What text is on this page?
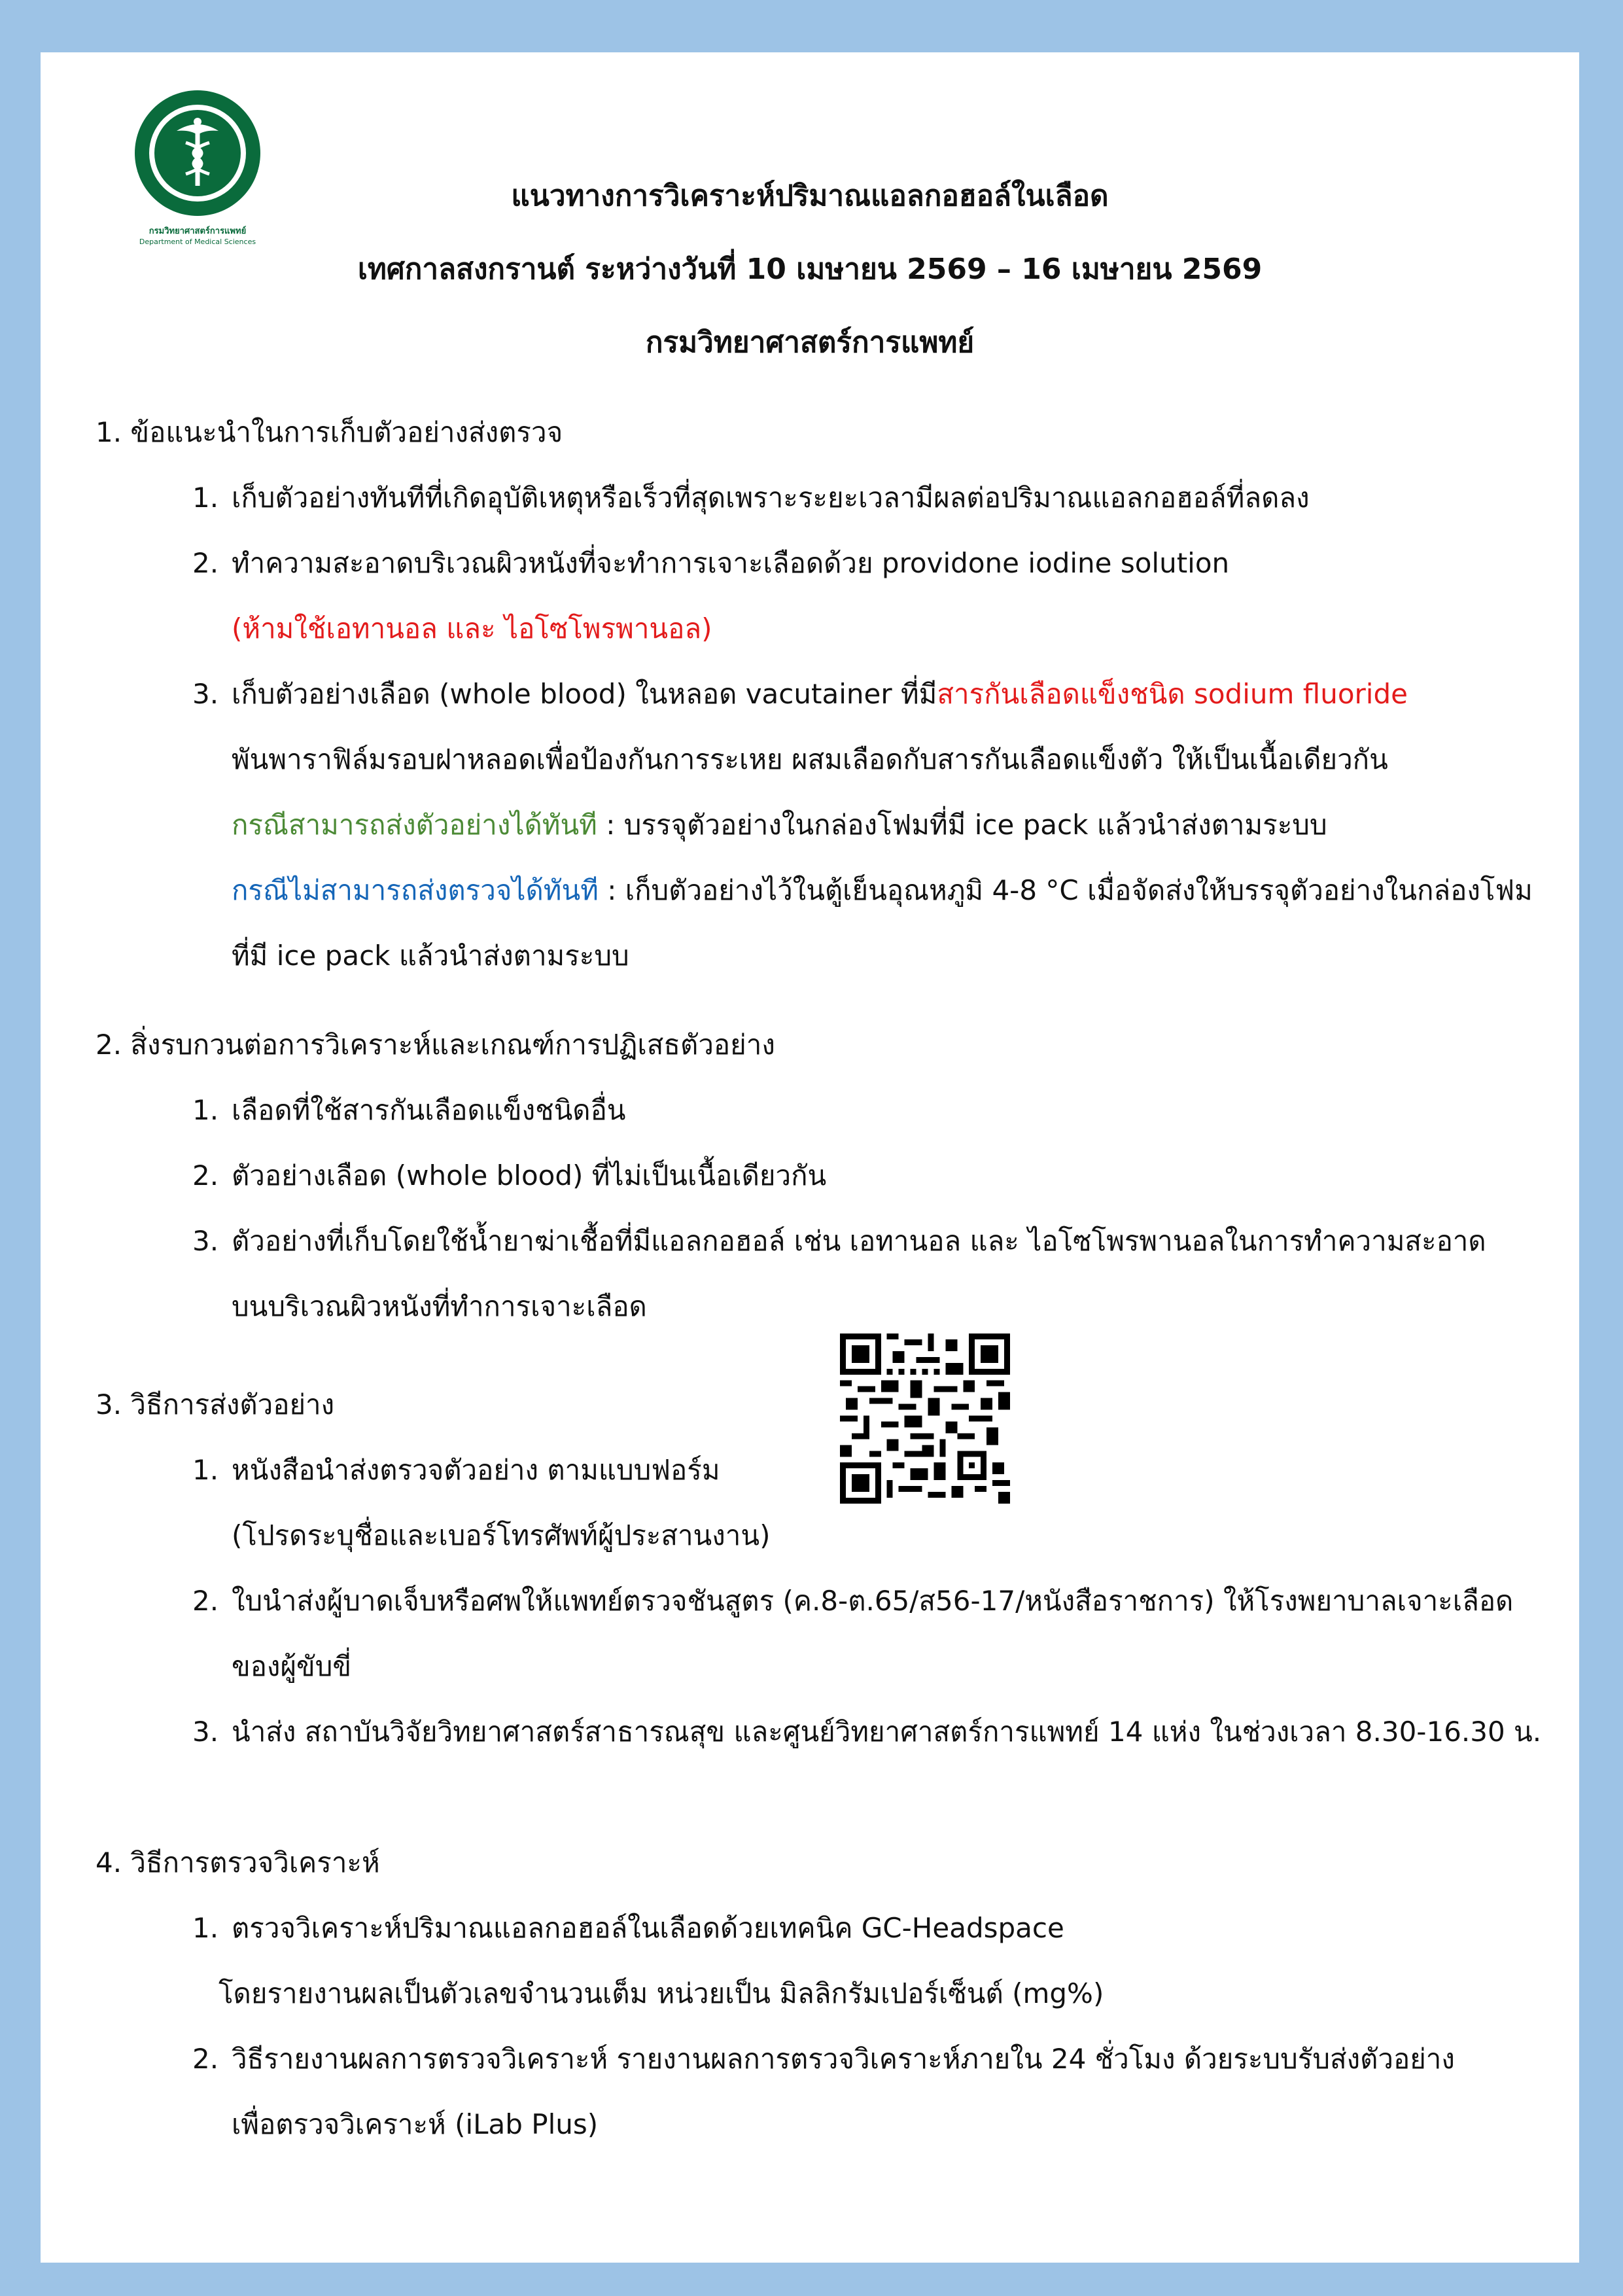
กรมวิทยาศาสตร์การแพทย์
Department of Medical Sciences
แนวทางการวิเคราะห์ปริมาณแอลกอฮอล์ในเลือด
เทศกาลสงกรานต์ ระหว่างวันที่ 10 เมษายน 2569 – 16 เมษายน 2569
กรมวิทยาศาสตร์การแพทย์
1. ข้อแนะนำในการเก็บตัวอย่างส่งตรวจ
1. เก็บตัวอย่างทันทีที่เกิดอุบัติเหตุหรือเร็วที่สุดเพราะระยะเวลามีผลต่อปริมาณแอลกอฮอล์ที่ลดลง
2. ทำความสะอาดบริเวณผิวหนังที่จะทำการเจาะเลือดด้วย providone iodine solution
(ห้ามใช้เอทานอล และ ไอโซโพรพานอล)
3. เก็บตัวอย่างเลือด (whole blood) ในหลอด vacutainer ที่มีสารกันเลือดแข็งชนิด sodium fluoride
พันพาราฟิล์มรอบฝาหลอดเพื่อป้องกันการระเหย ผสมเลือดกับสารกันเลือดแข็งตัว ให้เป็นเนื้อเดียวกัน
กรณีสามารถส่งตัวอย่างได้ทันที : บรรจุตัวอย่างในกล่องโฟมที่มี ice pack แล้วนำส่งตามระบบ
กรณีไม่สามารถส่งตรวจได้ทันที : เก็บตัวอย่างไว้ในตู้เย็นอุณหภูมิ 4-8 °C เมื่อจัดส่งให้บรรจุตัวอย่างในกล่องโฟม
ที่มี ice pack แล้วนำส่งตามระบบ
2. สิ่งรบกวนต่อการวิเคราะห์และเกณฑ์การปฏิเสธตัวอย่าง
1. เลือดที่ใช้สารกันเลือดแข็งชนิดอื่น
2. ตัวอย่างเลือด (whole blood) ที่ไม่เป็นเนื้อเดียวกัน
3. ตัวอย่างที่เก็บโดยใช้น้ำยาฆ่าเชื้อที่มีแอลกอฮอล์ เช่น เอทานอล และ ไอโซโพรพานอลในการทำความสะอาด
บนบริเวณผิวหนังที่ทำการเจาะเลือด
3. วิธีการส่งตัวอย่าง
1. หนังสือนำส่งตรวจตัวอย่าง ตามแบบฟอร์ม
(โปรดระบุชื่อและเบอร์โทรศัพท์ผู้ประสานงาน)
2. ใบนำส่งผู้บาดเจ็บหรือศพให้แพทย์ตรวจชันสูตร (ค.8-ต.65/ส56-17/หนังสือราชการ) ให้โรงพยาบาลเจาะเลือด
ของผู้ขับขี่
3. นำส่ง สถาบันวิจัยวิทยาศาสตร์สาธารณสุข และศูนย์วิทยาศาสตร์การแพทย์ 14 แห่ง ในช่วงเวลา 8.30-16.30 น.
4. วิธีการตรวจวิเคราะห์
1. ตรวจวิเคราะห์ปริมาณแอลกอฮอล์ในเลือดด้วยเทคนิค GC-Headspace
โดยรายงานผลเป็นตัวเลขจำนวนเต็ม หน่วยเป็น มิลลิกรัมเปอร์เซ็นต์ (mg%)
2. วิธีรายงานผลการตรวจวิเคราะห์ รายงานผลการตรวจวิเคราะห์ภายใน 24 ชั่วโมง ด้วยระบบรับส่งตัวอย่าง
เพื่อตรวจวิเคราะห์ (iLab Plus)
